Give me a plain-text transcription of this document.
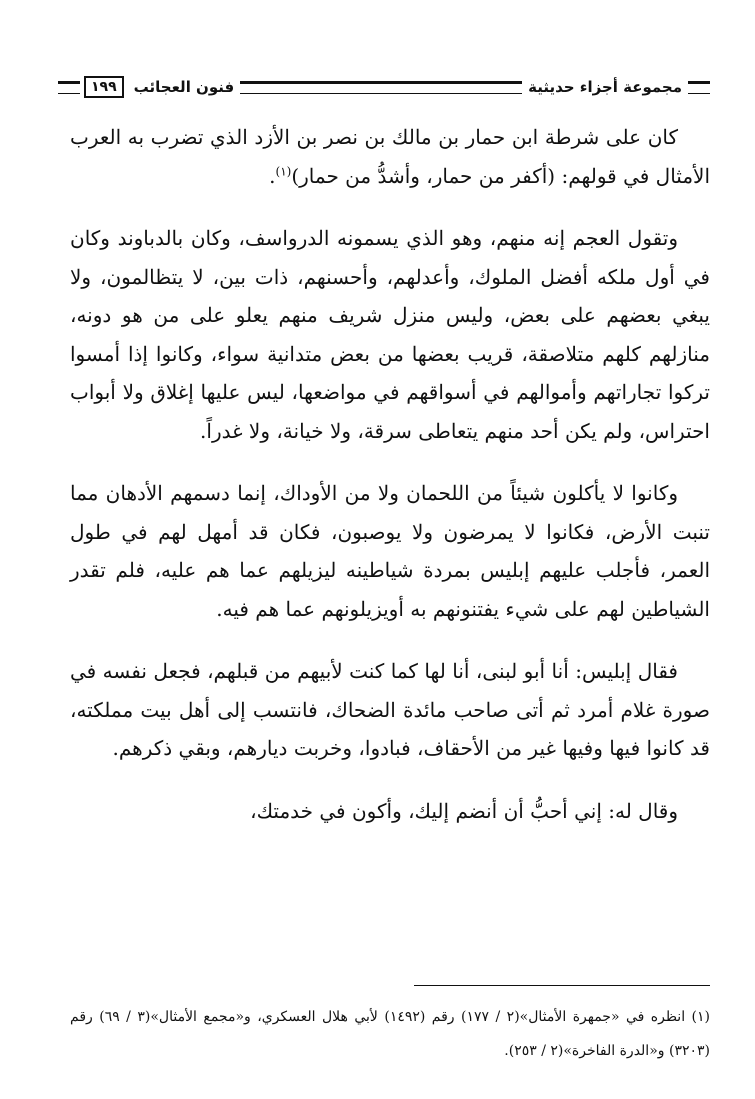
مجموعة أجزاء حديثية
فنون العجائب
١٩٩

كان على شرطة ابن حمار بن مالك بن نصر بن الأزد الذي تضرب به العرب الأمثال في قولهم: (أكفر من حمار، وأشدُّ من حمار)$^{(١)}$.

وتقول العجم إنه منهم، وهو الذي يسمونه الدرواسف، وكان بالدباوند وكان في أول ملكه أفضل الملوك، وأعدلهم، وأحسنهم، ذات بين، لا يتظالمون، ولا يبغي بعضهم على بعض، وليس منزل شريف منهم يعلو على من هو دونه، منازلهم كلهم متلاصقة، قريب بعضها من بعض متدانية سواء، وكانوا إذا أمسوا تركوا تجاراتهم وأموالهم في أسواقهم في مواضعها، ليس عليها إغلاق ولا أبواب احتراس، ولم يكن أحد منهم يتعاطى سرقة، ولا خيانة، ولا غدراً.

وكانوا لا يأكلون شيئاً من اللحمان ولا من الأوداك، إنما دسمهم الأدهان مما تنبت الأرض، فكانوا لا يمرضون ولا يوصبون، فكان قد أمهل لهم في طول العمر، فأجلب عليهم إبليس بمردة شياطينه ليزيلهم عما هم عليه، فلم تقدر الشياطين لهم على شيء يفتنونهم به أويزيلونهم عما هم فيه.

فقال إبليس: أنا أبو لبنى، أنا لها كما كنت لأبيهم من قبلهم، فجعل نفسه في صورة غلام أمرد ثم أتى صاحب مائدة الضحاك، فانتسب إلى أهل بيت مملكته، قد كانوا فيها وفيها غير من الأحقاف، فبادوا، وخربت ديارهم، وبقي ذكرهم.

وقال له: إني أحبُّ أن أنضم إليك، وأكون في خدمتك،

(١) انظره في «جمهرة الأمثال»(٢ / ١٧٧) رقم (١٤٩٢) لأبي هلال العسكري، و«مجمع الأمثال»(٣ / ٦٩) رقم (٣٢٠٣) و«الدرة الفاخرة»(٢ / ٢٥٣).
